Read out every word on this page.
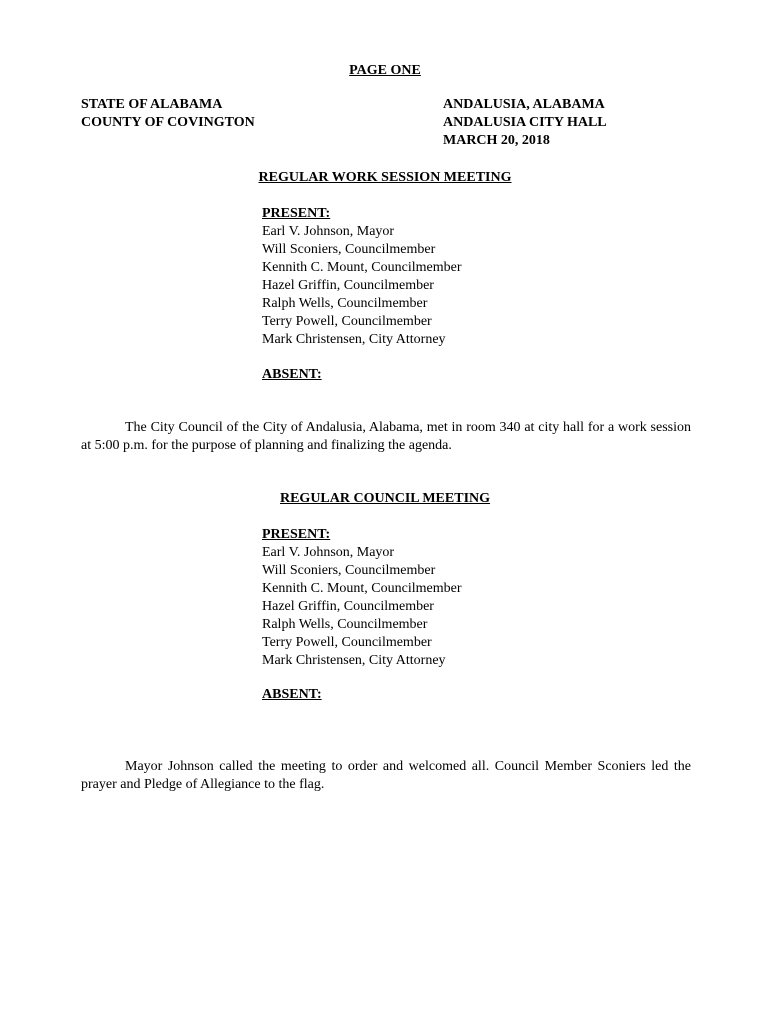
PAGE ONE
STATE OF ALABAMA
COUNTY OF COVINGTON
ANDALUSIA, ALABAMA
ANDALUSIA CITY HALL
MARCH 20, 2018
REGULAR WORK SESSION MEETING
PRESENT:
Earl V. Johnson, Mayor
Will Sconiers, Councilmember
Kennith C. Mount, Councilmember
Hazel Griffin, Councilmember
Ralph Wells, Councilmember
Terry Powell, Councilmember
Mark Christensen, City Attorney
ABSENT:
The City Council of the City of Andalusia, Alabama, met in room 340 at city hall for a work session at 5:00 p.m. for the purpose of planning and finalizing the agenda.
REGULAR COUNCIL MEETING
PRESENT:
Earl V. Johnson, Mayor
Will Sconiers, Councilmember
Kennith C. Mount, Councilmember
Hazel Griffin, Councilmember
Ralph Wells, Councilmember
Terry Powell, Councilmember
Mark Christensen, City Attorney
ABSENT:
Mayor Johnson called the meeting to order and welcomed all. Council Member Sconiers led the prayer and Pledge of Allegiance to the flag.
